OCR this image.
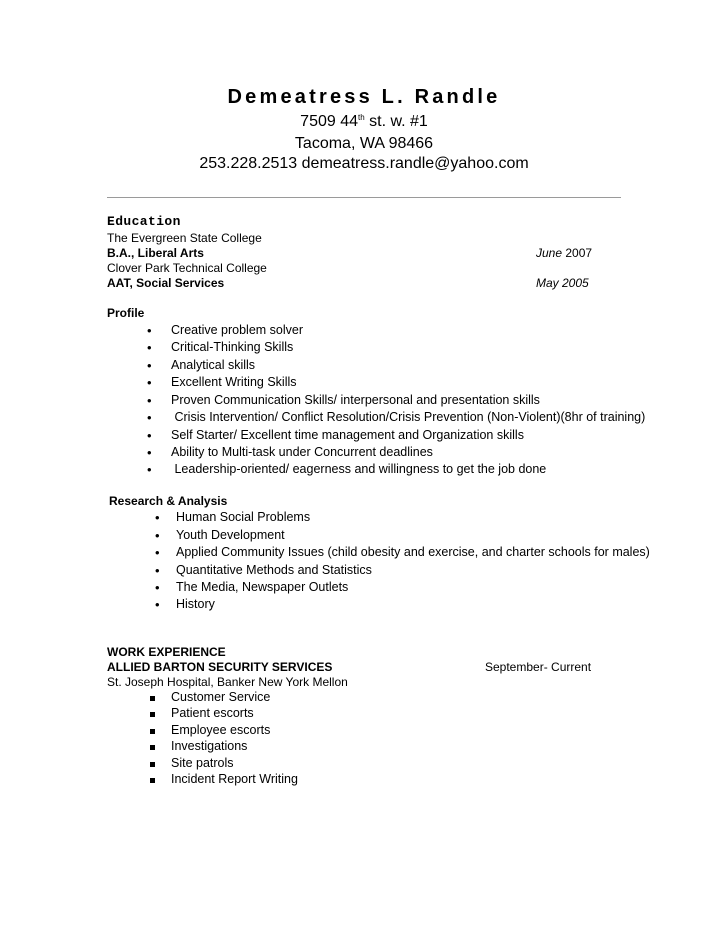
Demeatress L. Randle
7509 44th st. w. #1
Tacoma, WA 98466
253.228.2513 demeatress.randle@yahoo.com
Education
The Evergreen State College
B.A., Liberal Arts	June 2007
Clover Park Technical College
AAT, Social Services	May 2005
Profile
• Creative problem solver
• Critical-Thinking Skills
• Analytical skills
• Excellent Writing Skills
• Proven Communication Skills/ interpersonal and presentation skills
• Crisis Intervention/ Conflict Resolution/Crisis Prevention (Non-Violent)(8hr of training)
• Self Starter/ Excellent time management and Organization skills
• Ability to Multi-task under Concurrent deadlines
• Leadership-oriented/ eagerness and willingness to get the job done
Research & Analysis
• Human Social Problems
• Youth Development
• Applied Community Issues (child obesity and exercise, and charter schools for males)
• Quantitative Methods and Statistics
• The Media, Newspaper Outlets
• History
WORK EXPERIENCE
ALLIED BARTON SECURITY SERVICES	September- Current
St. Joseph Hospital, Banker New York Mellon
Customer Service
Patient escorts
Employee escorts
Investigations
Site patrols
Incident Report Writing
